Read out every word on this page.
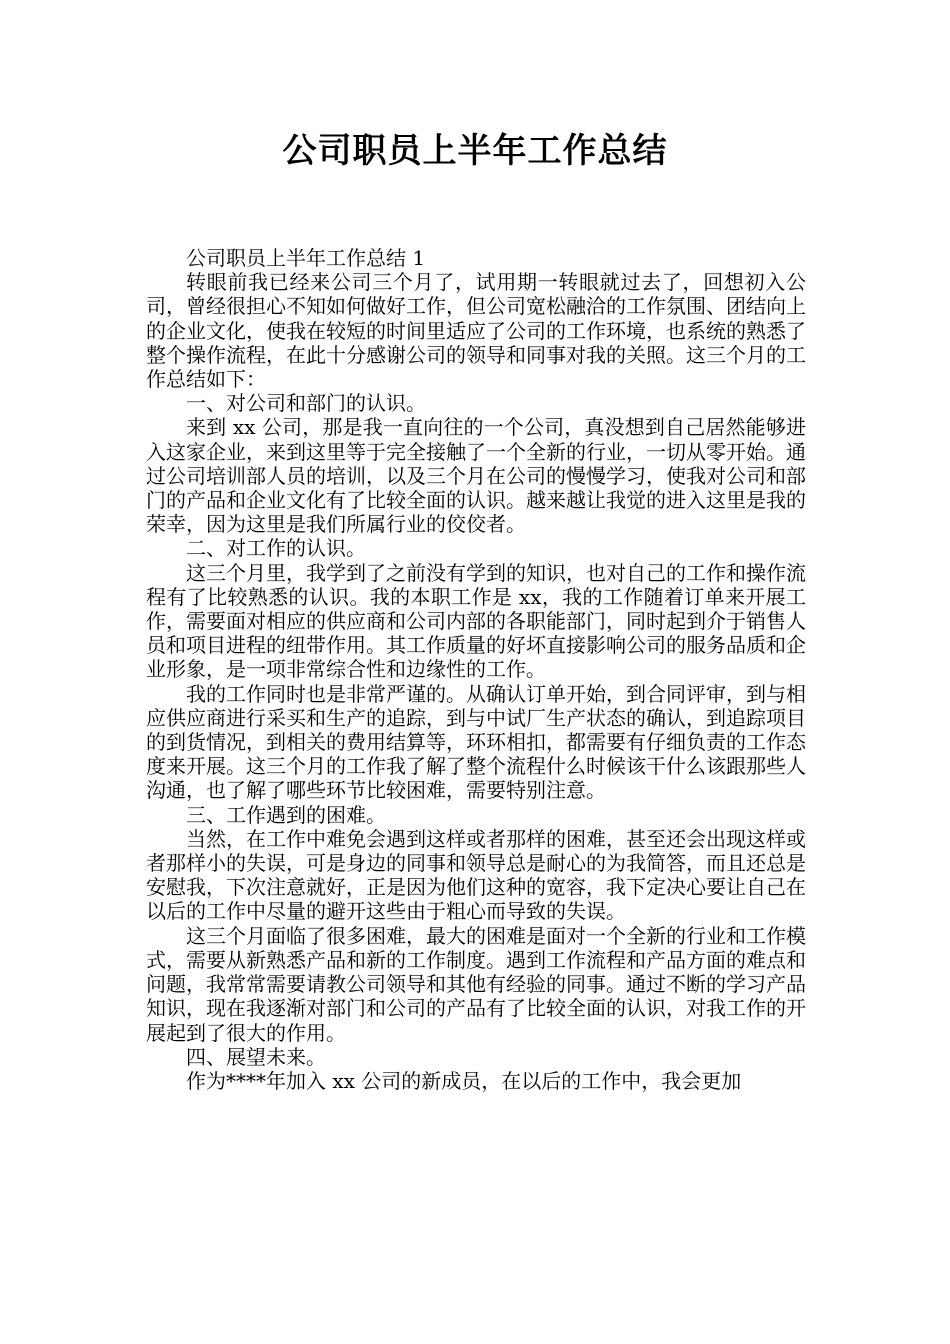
公司职员上半年工作总结

公司职员上半年工作总结 1

转眼前我已经来公司三个月了，试用期一转眼就过去了，回想初入公司，曾经很担心不知如何做好工作，但公司宽松融洽的工作氛围、团结向上的企业文化，使我在较短的时间里适应了公司的工作环境，也系统的熟悉了整个操作流程，在此十分感谢公司的领导和同事对我的关照。这三个月的工作总结如下：

一、对公司和部门的认识。

来到 xx 公司，那是我一直向往的一个公司，真没想到自己居然能够进入这家企业，来到这里等于完全接触了一个全新的行业，一切从零开始。通过公司培训部人员的培训，以及三个月在公司的慢慢学习，使我对公司和部门的产品和企业文化有了比较全面的认识。越来越让我觉的进入这里是我的荣幸，因为这里是我们所属行业的佼佼者。

二、对工作的认识。

这三个月里，我学到了之前没有学到的知识，也对自己的工作和操作流程有了比较熟悉的认识。我的本职工作是 xx，我的工作随着订单来开展工作，需要面对相应的供应商和公司内部的各职能部门，同时起到介于销售人员和项目进程的纽带作用。其工作质量的好坏直接影响公司的服务品质和企业形象，是一项非常综合性和边缘性的工作。

我的工作同时也是非常严谨的。从确认订单开始，到合同评审，到与相应供应商进行采买和生产的追踪，到与中试厂生产状态的确认，到追踪项目的到货情况，到相关的费用结算等，环环相扣，都需要有仔细负责的工作态度来开展。这三个月的工作我了解了整个流程什么时候该干什么该跟那些人沟通，也了解了哪些环节比较困难，需要特别注意。

三、工作遇到的困难。

当然，在工作中难免会遇到这样或者那样的困难，甚至还会出现这样或者那样小的失误，可是身边的同事和领导总是耐心的为我简答，而且还总是安慰我，下次注意就好，正是因为他们这种的宽容，我下定决心要让自己在以后的工作中尽量的避开这些由于粗心而导致的失误。

这三个月面临了很多困难，最大的困难是面对一个全新的行业和工作模式，需要从新熟悉产品和新的工作制度。遇到工作流程和产品方面的难点和问题，我常常需要请教公司领导和其他有经验的同事。通过不断的学习产品知识，现在我逐渐对部门和公司的产品有了比较全面的认识，对我工作的开展起到了很大的作用。

四、展望未来。

作为****年加入 xx 公司的新成员，在以后的工作中，我会更加
